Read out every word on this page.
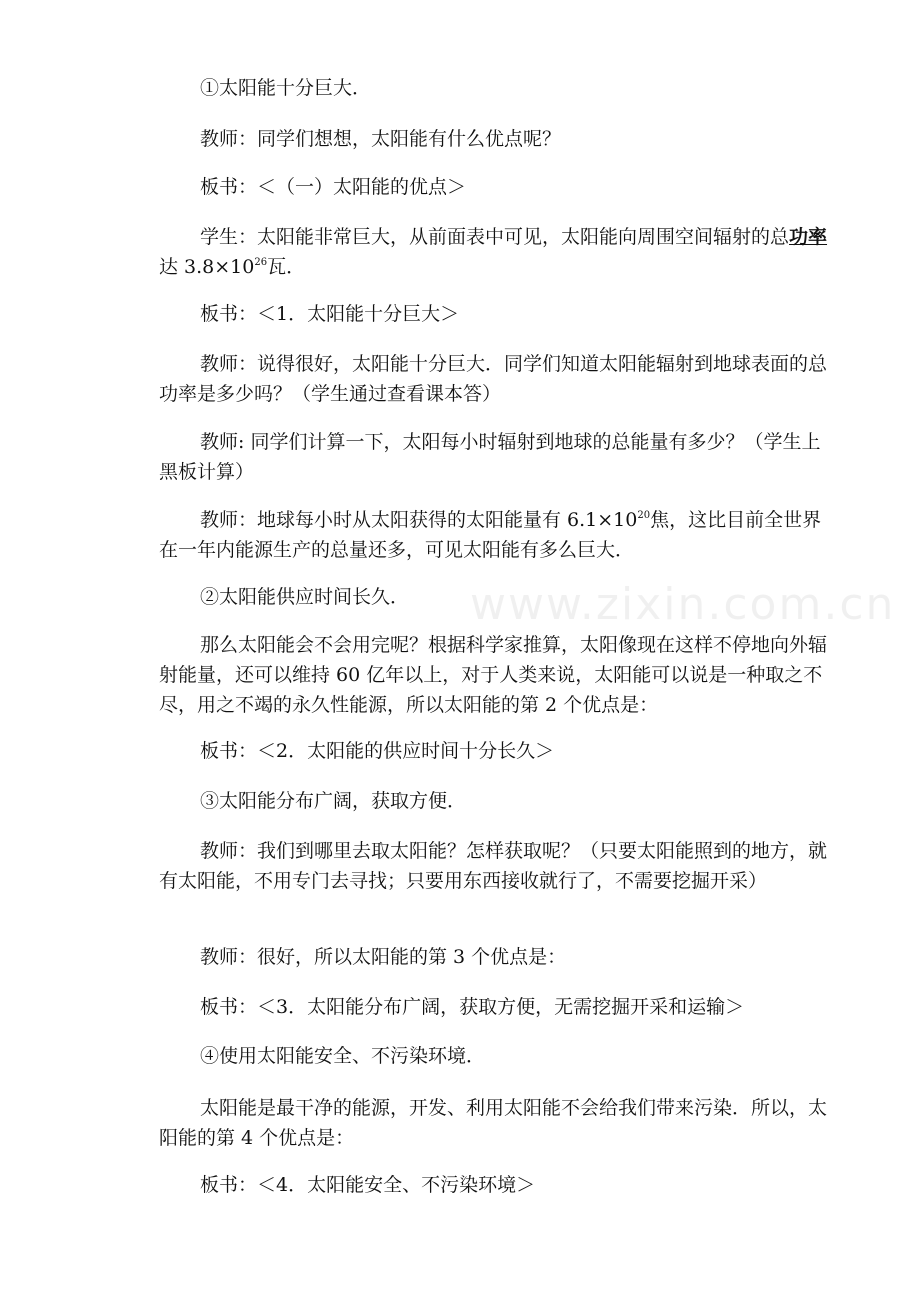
www.zixin.com.cn

①太阳能十分巨大．

教师：同学们想想，太阳能有什么优点呢？

板书：＜（一）太阳能的优点＞

学生：太阳能非常巨大，从前面表中可见，太阳能向周围空间辐射的总功率达 $3.8\times 10^{26}$瓦．

板书：＜1．太阳能十分巨大＞

教师：说得很好，太阳能十分巨大．同学们知道太阳能辐射到地球表面的总功率是多少吗？（学生通过查看课本答）

教师: 同学们计算一下，太阳每小时辐射到地球的总能量有多少？（学生上黑板计算）

教师：地球每小时从太阳获得的太阳能量有 $6.1\times 10^{20}$焦，这比目前全世界在一年内能源生产的总量还多，可见太阳能有多么巨大．

②太阳能供应时间长久．

那么太阳能会不会用完呢？根据科学家推算，太阳像现在这样不停地向外辐射能量，还可以维持 60 亿年以上，对于人类来说，太阳能可以说是一种取之不尽，用之不竭的永久性能源，所以太阳能的第 2 个优点是：

板书：＜2．太阳能的供应时间十分长久＞

③太阳能分布广阔，获取方便．

教师：我们到哪里去取太阳能？怎样获取呢？（只要太阳能照到的地方，就有太阳能，不用专门去寻找；只要用东西接收就行了，不需要挖掘开采）

教师：很好，所以太阳能的第 3 个优点是：

板书：＜3．太阳能分布广阔，获取方便，无需挖掘开采和运输＞

④使用太阳能安全、不污染环境．

太阳能是最干净的能源，开发、利用太阳能不会给我们带来污染．所以，太阳能的第 4 个优点是：

板书：＜4．太阳能安全、不污染环境＞
